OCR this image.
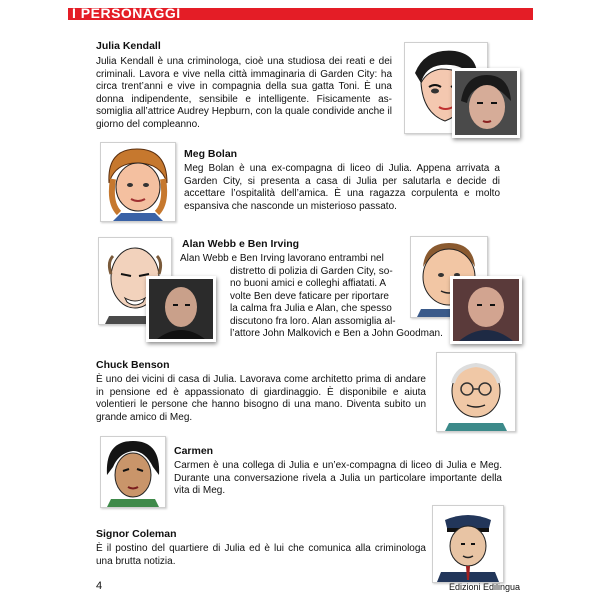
I PERSONAGGI
Julia Kendall
Julia Kendall è una criminologa, cioè una studiosa dei reati e dei criminali. Lavora e vive nella città immaginaria di Garden City: ha circa trent’anni e vive in compagnia della sua gatta Toni. È una donna indipendente, sensibile e intelligente. Fisicamente as-somiglia all’attrice Audrey Hepburn, con la quale condivide anche il giorno del compleanno.
Meg Bolan
Meg Bolan è una ex-compagna di liceo di Julia. Appena arrivata a Garden City, si presenta a casa di Julia per salutarla e decide di accettare l’ospitalità dell’amica. È una ragazza corpulenta e molto espansiva che nasconde un misterioso passato.
Alan Webb e Ben Irving
Alan Webb e Ben Irving lavorano entrambi nel
distretto di polizia di Garden City, so-
no buoni amici e colleghi affiatati. A
volte Ben deve faticare per riportare
la calma fra Julia e Alan, che spesso
discutono fra loro. Alan assomiglia al-
l’attore John Malkovich e Ben a John Goodman.
Chuck Benson
È uno dei vicini di casa di Julia. Lavorava come architetto prima di andare in pensione ed è appassionato di giardinaggio. È disponibile e aiuta volentieri le persone che hanno bisogno di una mano. Diventa subito un grande amico di Meg.
Carmen
Carmen è una collega di Julia e un’ex-compagna di liceo di Julia e Meg. Durante una conversazione rivela a Julia un particolare importante della vita di Meg.
Signor Coleman
È il postino del quartiere di Julia ed è lui che comunica alla criminologa una brutta notizia.
4	Edizioni Edilingua
